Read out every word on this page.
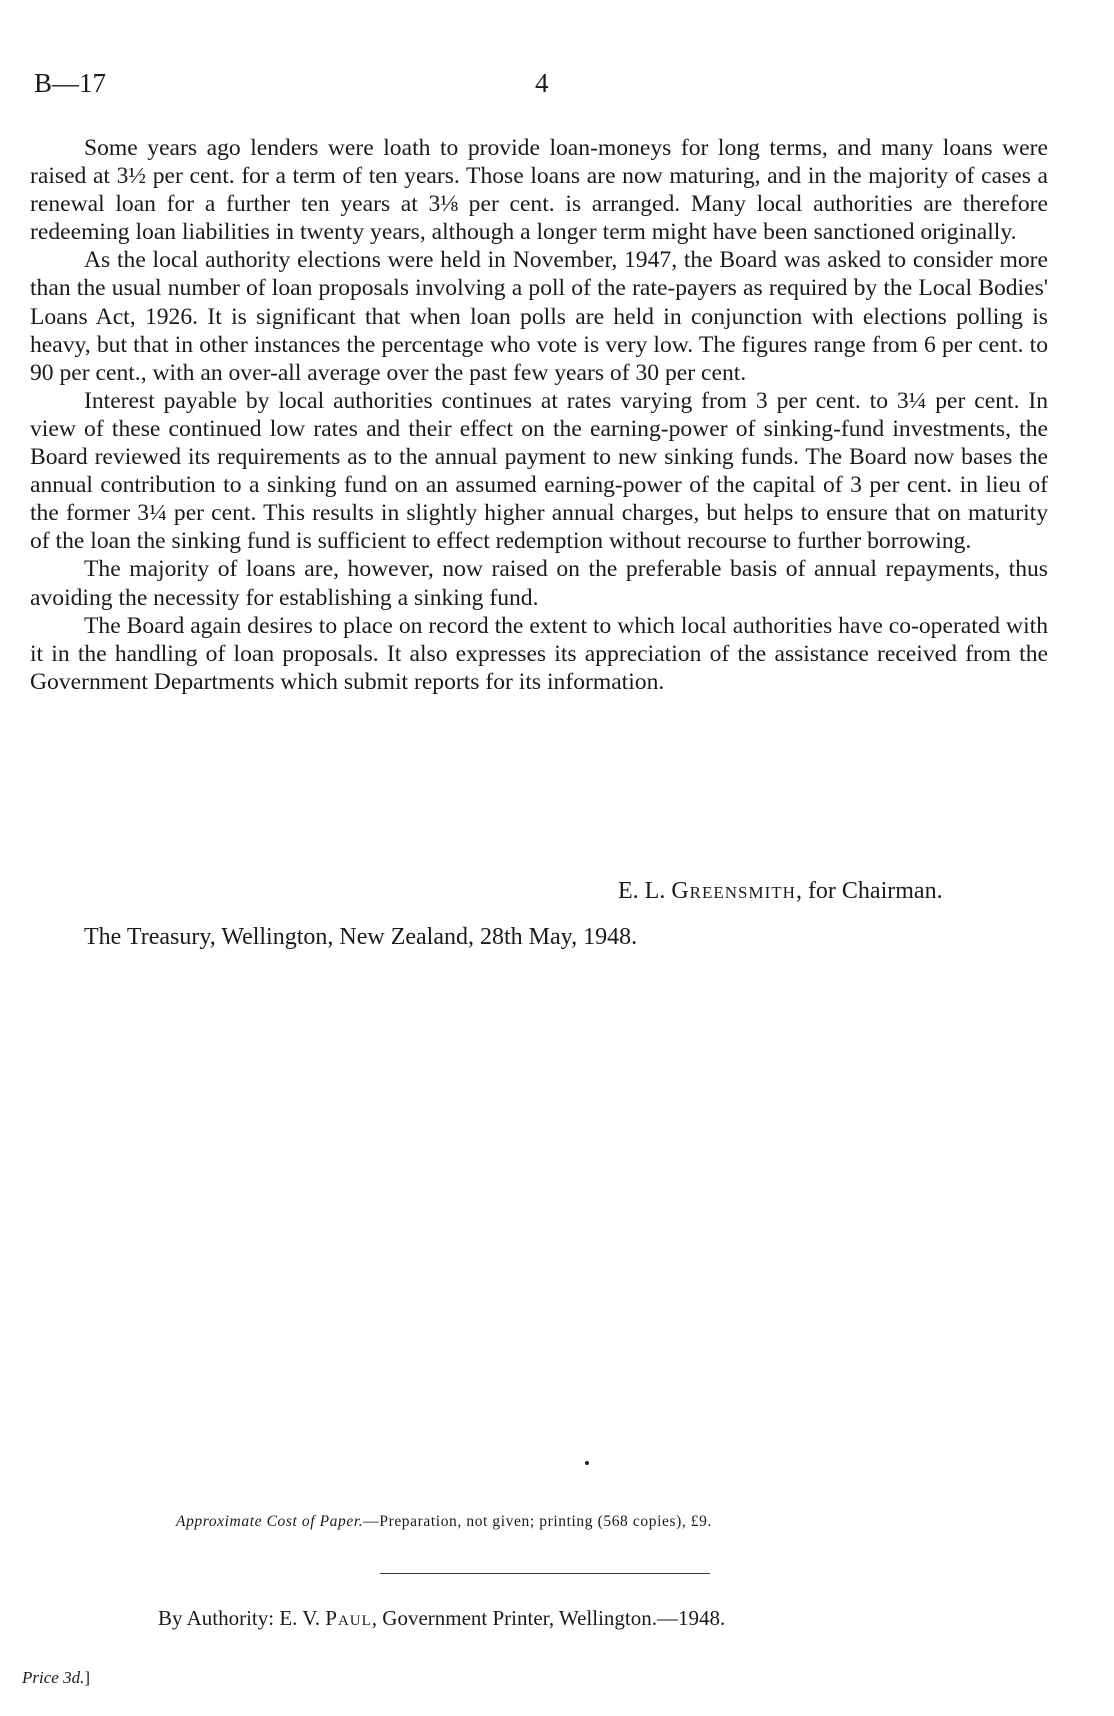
B—17	4

Some years ago lenders were loath to provide loan-moneys for long terms, and many loans were raised at 3½ per cent. for a term of ten years. Those loans are now maturing, and in the majority of cases a renewal loan for a further ten years at 3⅛ per cent. is arranged. Many local authorities are therefore redeeming loan liabilities in twenty years, although a longer term might have been sanctioned originally.

As the local authority elections were held in November, 1947, the Board was asked to consider more than the usual number of loan proposals involving a poll of the rate-payers as required by the Local Bodies' Loans Act, 1926. It is significant that when loan polls are held in conjunction with elections polling is heavy, but that in other instances the percentage who vote is very low. The figures range from 6 per cent. to 90 per cent., with an over-all average over the past few years of 30 per cent.

Interest payable by local authorities continues at rates varying from 3 per cent. to 3¼ per cent. In view of these continued low rates and their effect on the earning-power of sinking-fund investments, the Board reviewed its requirements as to the annual payment to new sinking funds. The Board now bases the annual contribution to a sinking fund on an assumed earning-power of the capital of 3 per cent. in lieu of the former 3¼ per cent. This results in slightly higher annual charges, but helps to ensure that on maturity of the loan the sinking fund is sufficient to effect redemption without recourse to further borrowing.

The majority of loans are, however, now raised on the preferable basis of annual repayments, thus avoiding the necessity for establishing a sinking fund.

The Board again desires to place on record the extent to which local authorities have co-operated with it in the handling of loan proposals. It also expresses its appreciation of the assistance received from the Government Departments which submit reports for its information.

E. L. Greensmith, for Chairman.
The Treasury, Wellington, New Zealand, 28th May, 1948.
Approximate Cost of Paper.—Preparation, not given; printing (568 copies), £9.
By Authority: E. V. Paul, Government Printer, Wellington.—1948.
Price 3d.]
